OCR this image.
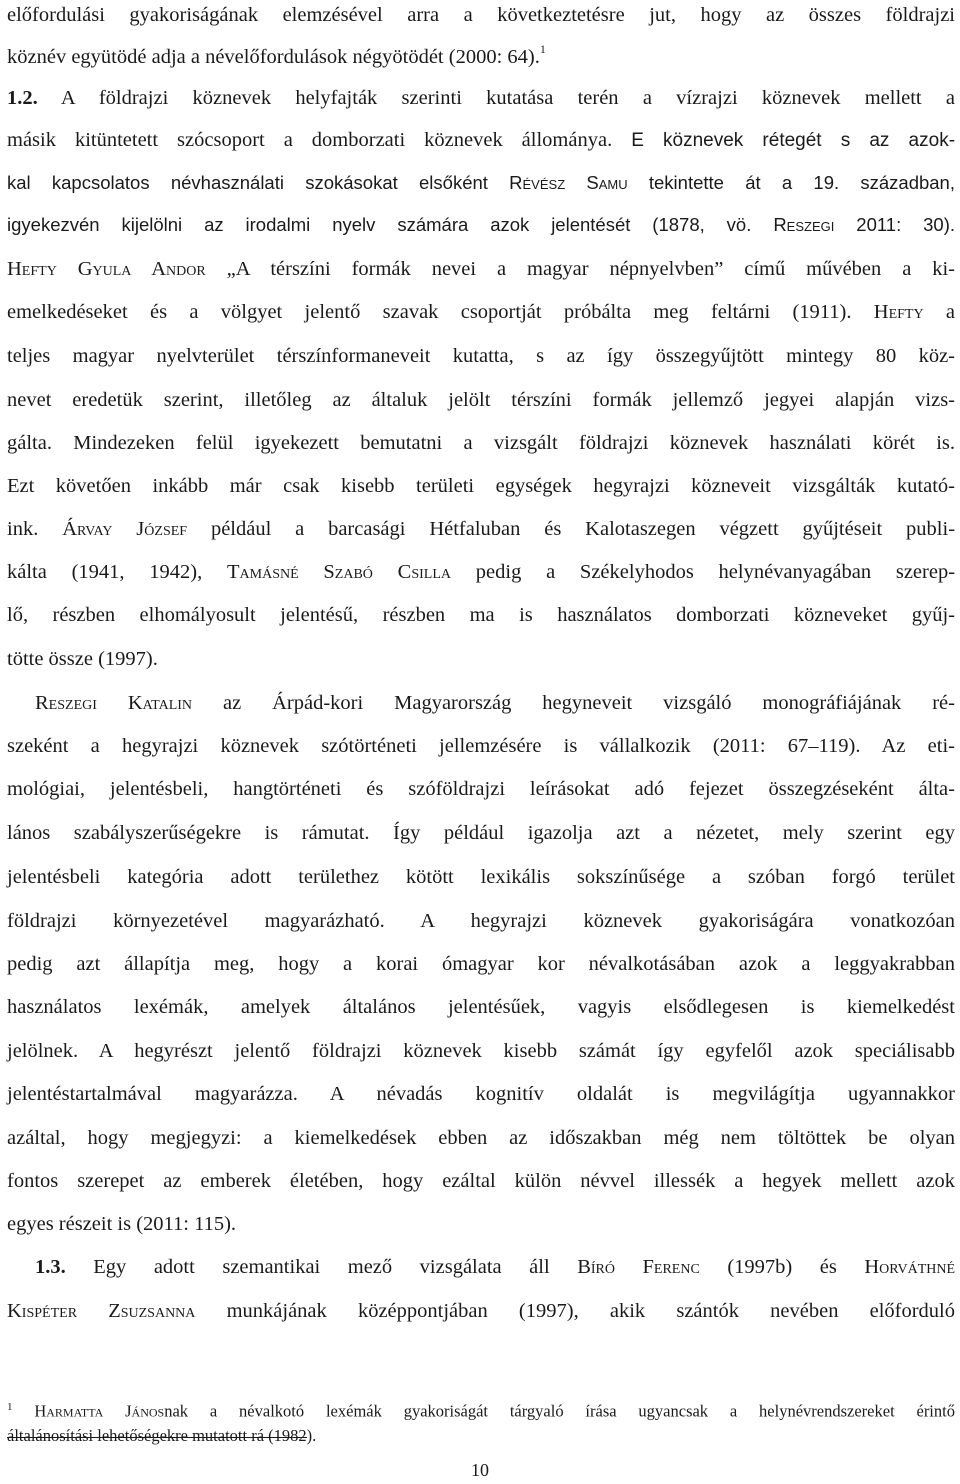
előfordulási gyakoriságának elemzésével arra a következtetésre jut, hogy az összes földrajzi
köznév együtödé adja a névelőfordulások négyötödét (2000: 64).$^1$
1.2. A földrajzi köznevek helyfajták szerinti kutatása terén a vízrajzi köznevek mellett a
másik kitüntetett szócsoport a domborzati köznevek állománya. E köznevek rétegét s az azok-
kal kapcsolatos névhasználati szokásokat elsőként Révész Samu tekintette át a 19. században,
igyekezvén kijelölni az irodalmi nyelv számára azok jelentését (1878, vö. Reszegi 2011: 30).
Hefty Gyula Andor „A térszíni formák nevei a magyar népnyelvben” című művében a ki-
emelkedéseket és a völgyet jelentő szavak csoportját próbálta meg feltárni (1911). Hefty a
teljes magyar nyelvterület térszínformaneveit kutatta, s az így összegyűjtött mintegy 80 köz-
nevet eredetük szerint, illetőleg az általuk jelölt térszíni formák jellemző jegyei alapján vizs-
gálta. Mindezeken felül igyekezett bemutatni a vizsgált földrajzi köznevek használati körét is.
Ezt követően inkább már csak kisebb területi egységek hegyrajzi közneveit vizsgálták kutató-
ink. Árvay József például a barcasági Hétfaluban és Kalotaszegen végzett gyűjtéseit publi-
kálta (1941, 1942), Tamásné Szabó Csilla pedig a Székelyhodos helynévanyagában szerep-
lő, részben elhomályosult jelentésű, részben ma is használatos domborzati közneveket gyűj-
tötte össze (1997).
Reszegi Katalin az Árpád-kori Magyarország hegyneveit vizsgáló monográfiájának ré-
szeként a hegyrajzi köznevek szótörténeti jellemzésére is vállalkozik (2011: 67–119). Az eti-
mológiai, jelentésbeli, hangtörténeti és szóföldrajzi leírásokat adó fejezet összegzéseként álta-
lános szabályszerűségekre is rámutat. Így például igazolja azt a nézetet, mely szerint egy
jelentésbeli kategória adott területhez kötött lexikális sokszínűsége a szóban forgó terület
földrajzi környezetével magyarázható. A hegyrajzi köznevek gyakoriságára vonatkozóan
pedig azt állapítja meg, hogy a korai ómagyar kor névalkotásában azok a leggyakrabban
használatos lexémák, amelyek általános jelentésűek, vagyis elsődlegesen is kiemelkedést
jelölnek. A hegyrészt jelentő földrajzi köznevek kisebb számát így egyfelől azok speciálisabb
jelentéstartalmával magyarázza. A névadás kognitív oldalát is megvilágítja ugyannakkor
azáltal, hogy megjegyzi: a kiemelkedések ebben az időszakban még nem töltöttek be olyan
fontos szerepet az emberek életében, hogy ezáltal külön névvel illessék a hegyek mellett azok
egyes részeit is (2011: 115).
1.3. Egy adott szemantikai mező vizsgálata áll Bíró Ferenc (1997b) és Horváthné
Kispéter Zsuzsanna munkájának középpontjában (1997), akik szántók nevében előforduló
$^1$ Harmatta Jánosnak a névalkotó lexémák gyakoriságát tárgyaló írása ugyancsak a helynévrendszereket érintő
általánosítási lehetőségekre mutatott rá (1982).
10
